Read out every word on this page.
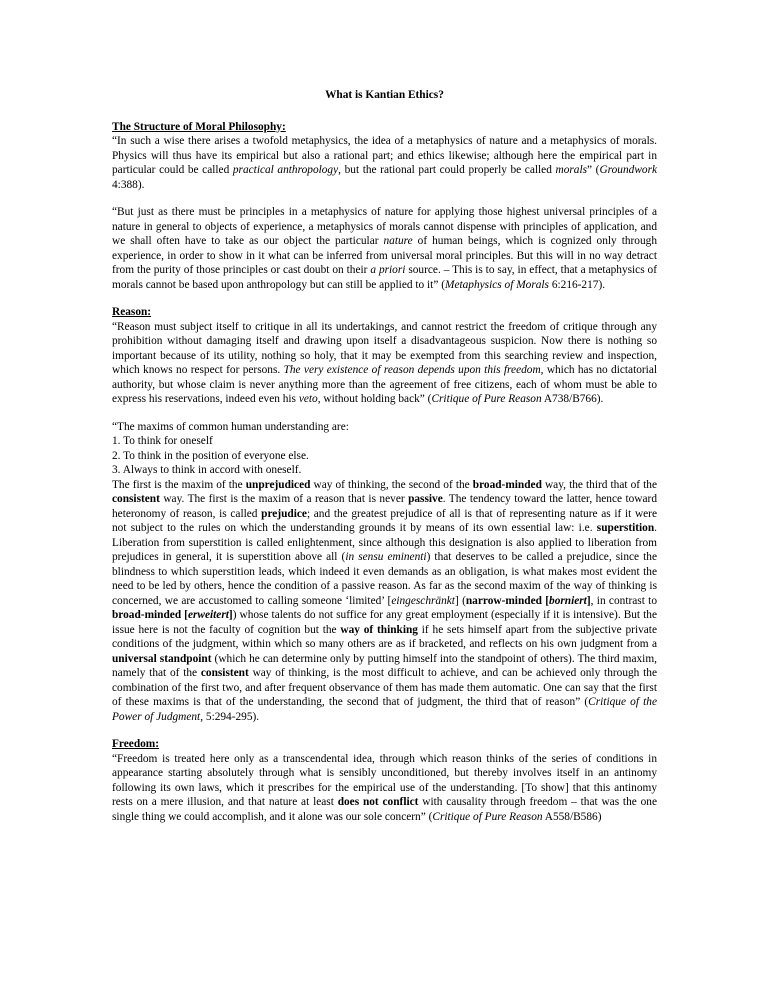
What is Kantian Ethics?
The Structure of Moral Philosophy:

“In such a wise there arises a twofold metaphysics, the idea of a metaphysics of nature and a metaphysics of morals. Physics will thus have its empirical but also a rational part; and ethics likewise; although here the empirical part in particular could be called practical anthropology, but the rational part could properly be called morals” (Groundwork 4:388).

“But just as there must be principles in a metaphysics of nature for applying those highest universal principles of a nature in general to objects of experience, a metaphysics of morals cannot dispense with principles of application, and we shall often have to take as our object the particular nature of human beings, which is cognized only through experience, in order to show in it what can be inferred from universal moral principles. But this will in no way detract from the purity of those principles or cast doubt on their a priori source. – This is to say, in effect, that a metaphysics of morals cannot be based upon anthropology but can still be applied to it” (Metaphysics of Morals 6:216-217).

Reason:

“Reason must subject itself to critique in all its undertakings, and cannot restrict the freedom of critique through any prohibition without damaging itself and drawing upon itself a disadvantageous suspicion. Now there is nothing so important because of its utility, nothing so holy, that it may be exempted from this searching review and inspection, which knows no respect for persons. The very existence of reason depends upon this freedom, which has no dictatorial authority, but whose claim is never anything more than the agreement of free citizens, each of whom must be able to express his reservations, indeed even his veto, without holding back” (Critique of Pure Reason A738/B766).

“The maxims of common human understanding are:
1. To think for oneself
2. To think in the position of everyone else.
3. Always to think in accord with oneself.

The first is the maxim of the unprejudiced way of thinking, the second of the broad-minded way, the third that of the consistent way. The first is the maxim of a reason that is never passive. The tendency toward the latter, hence toward heteronomy of reason, is called prejudice; and the greatest prejudice of all is that of representing nature as if it were not subject to the rules on which the understanding grounds it by means of its own essential law: i.e. superstition. Liberation from superstition is called enlightenment, since although this designation is also applied to liberation from prejudices in general, it is superstition above all (in sensu eminenti) that deserves to be called a prejudice, since the blindness to which superstition leads, which indeed it even demands as an obligation, is what makes most evident the need to be led by others, hence the condition of a passive reason. As far as the second maxim of the way of thinking is concerned, we are accustomed to calling someone ‘limited’ [eingeschränkt] (narrow-minded [borniert], in contrast to broad-minded [erweitert]) whose talents do not suffice for any great employment (especially if it is intensive). But the issue here is not the faculty of cognition but the way of thinking if he sets himself apart from the subjective private conditions of the judgment, within which so many others are as if bracketed, and reflects on his own judgment from a universal standpoint (which he can determine only by putting himself into the standpoint of others). The third maxim, namely that of the consistent way of thinking, is the most difficult to achieve, and can be achieved only through the combination of the first two, and after frequent observance of them has made them automatic. One can say that the first of these maxims is that of the understanding, the second that of judgment, the third that of reason” (Critique of the Power of Judgment, 5:294-295).

Freedom:

“Freedom is treated here only as a transcendental idea, through which reason thinks of the series of conditions in appearance starting absolutely through what is sensibly unconditioned, but thereby involves itself in an antinomy following its own laws, which it prescribes for the empirical use of the understanding. [To show] that this antinomy rests on a mere illusion, and that nature at least does not conflict with causality through freedom – that was the one single thing we could accomplish, and it alone was our sole concern” (Critique of Pure Reason A558/B586)
